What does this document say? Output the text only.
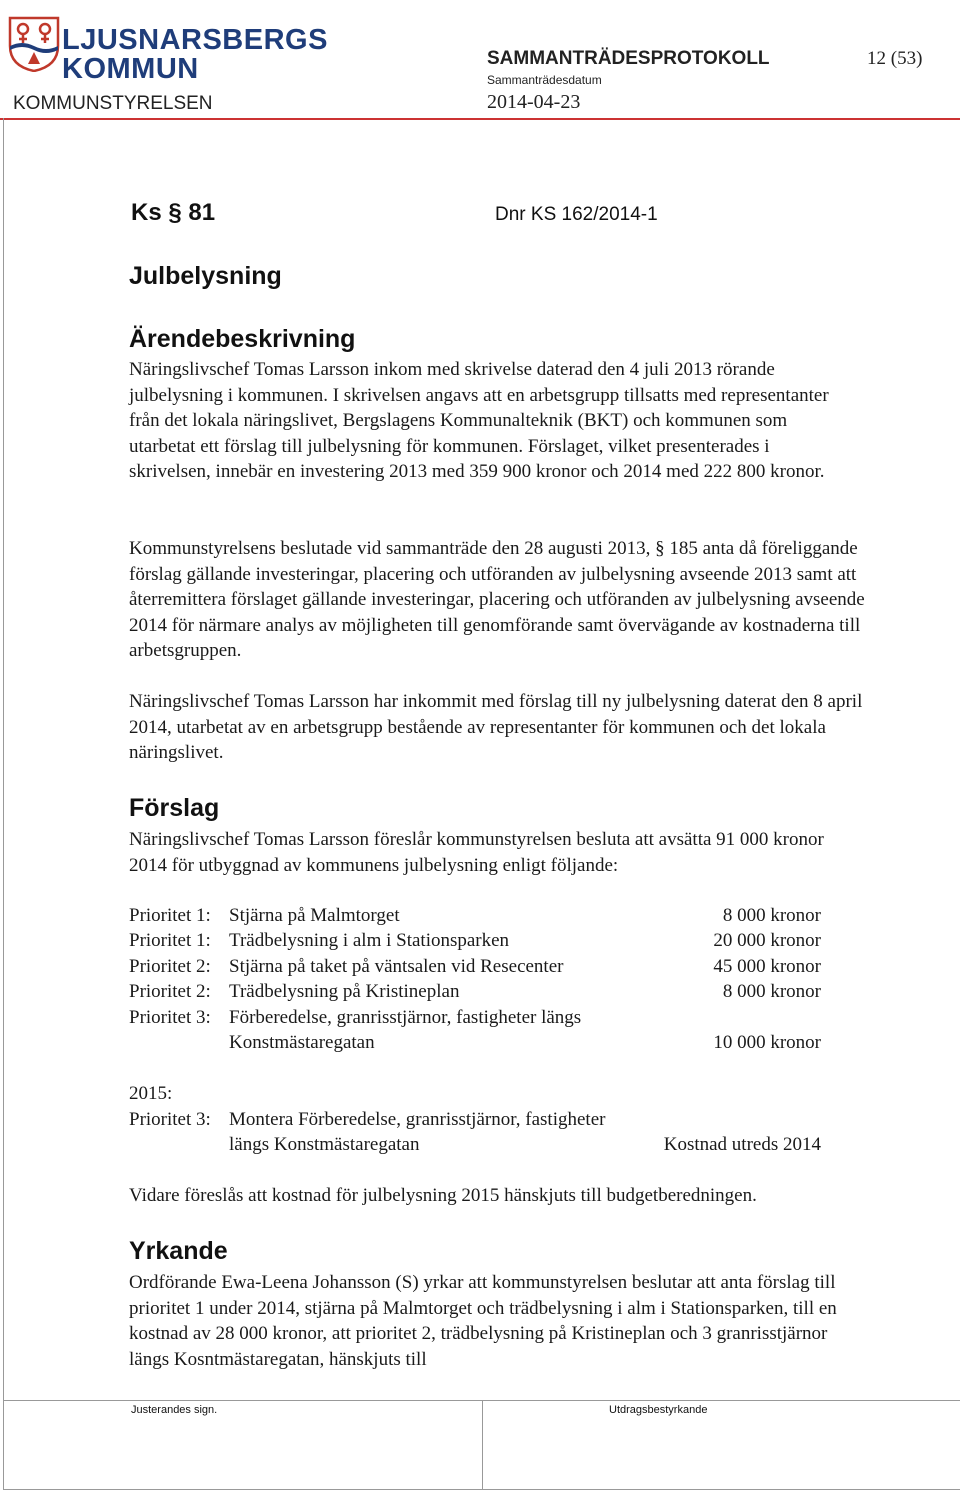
LJUSNARSBERGS
KOMMUN	SAMMANTRÄDESPROTOKOLL	12 (53)
KOMMUNSTYRELSEN
Sammanträdesdatum
2014-04-23
Ks § 81	Dnr KS 162/2014-1
Julbelysning
Ärendebeskrivning

Näringslivschef Tomas Larsson inkom med skrivelse daterad den 4 juli 2013 rörande julbelysning i kommunen. I skrivelsen angavs att en arbetsgrupp tillsatts med representanter från det lokala näringslivet, Bergslagens Kommunalteknik (BKT) och kommunen som utarbetat ett förslag till julbelysning för kommunen. Förslaget, vilket presenterades i skrivelsen, innebär en investering 2013 med 359 900 kronor och 2014 med 222 800 kronor.

Kommunstyrelsens beslutade vid sammanträde den 28 augusti 2013, § 185 anta då föreliggande förslag gällande investeringar, placering och utföranden av julbelysning avseende 2013 samt att återremittera förslaget gällande investeringar, placering och utföranden av julbelysning avseende 2014 för närmare analys av möjligheten till genomförande samt övervägande av kostnaderna till arbetsgruppen.

Näringslivschef Tomas Larsson har inkommit med förslag till ny julbelysning daterat den 8 april 2014, utarbetat av en arbetsgrupp bestående av representanter för kommunen och det lokala näringslivet.

Förslag

Näringslivschef Tomas Larsson föreslår kommunstyrelsen besluta att avsätta 91 000 kronor 2014 för utbyggnad av kommunens julbelysning enligt följande:

Prioritet 1: Stjärna på Malmtorget	8 000 kronor
Prioritet 1: Trädbelysning i alm i Stationsparken	20 000 kronor
Prioritet 2: Stjärna på taket på väntsalen vid Resecenter	45 000 kronor
Prioritet 2: Trädbelysning på Kristineplan	8 000 kronor
Prioritet 3: Förberedelse, granrisstjärnor, fastigheter längs
Konstmästaregatan	10 000 kronor
2015:
Prioritet 3: Montera Förberedelse, granrisstjärnor, fastigheter
längs Konstmästaregatan	Kostnad utreds 2014

Vidare föreslås att kostnad för julbelysning 2015 hänskjuts till budgetberedningen.

Yrkande

Ordförande Ewa-Leena Johansson (S) yrkar att kommunstyrelsen beslutar att anta förslag till prioritet 1 under 2014, stjärna på Malmtorget och trädbelysning i alm i Stationsparken, till en kostnad av 28 000 kronor, att prioritet 2, trädbelysning på Kristineplan och 3 granrisstjärnor längs Kosntmästaregatan, hänskjuts till

Justerandes sign.	Utdragsbestyrkande
